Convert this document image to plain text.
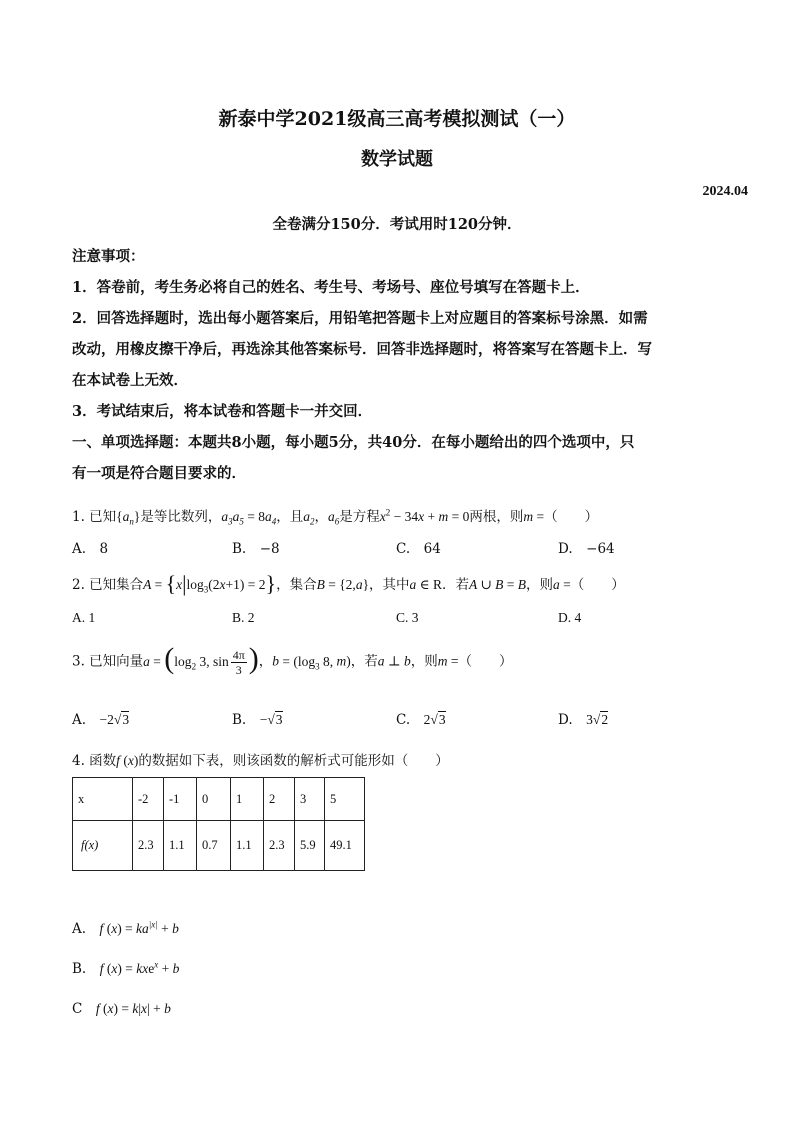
新泰中学2021级高三高考模拟测试（一）
数学试题
2024.04
全卷满分150分．考试用时120分钟．
注意事项：
1．答卷前，考生务必将自己的姓名、考生号、考场号、座位号填写在答题卡上．
2．回答选择题时，选出每小题答案后，用铅笔把答题卡上对应题目的答案标号涂黑．如需
改动，用橡皮擦干净后，再选涂其他答案标号．回答非选择题时，将答案写在答题卡上．写
在本试卷上无效．
3．考试结束后，将本试卷和答题卡一并交回．
一、单项选择题：本题共8小题，每小题5分，共40分．在每小题给出的四个选项中，只
有一项是符合题目要求的．
1. 已知$\{a_n\}$是等比数列，$a_3a_5 = 8a_4$，且$a_2$，$a_6$是方程$x^2 - 34x + m = 0$两根，则m =（　　）
A.　8	B.　−8	C.　64	D.　−64
2. 已知集合$A = \{x|\log_3(2x+1) = 2\}$，集合B = {2,a}，其中a ∈ R．若A ∪ B = B，则a =（　　）
A. 1	B. 2	C. 3	D. 4
3. 已知向量$a = (\log_2$ 3, $\sin \frac{4\pi}{3}$ )，$b = (\log_3$ 8, m)，若a ⊥ b，则m =（　　）
A.　 −2√3	B.　 −√3	C.　 2√3	D.　 3√2
4. 函数f (x)的数据如下表，则该函数的解析式可能形如（　　）
x	-2	-1	0	1	2	3	5
f(x)	2.3	1.1	0.7	1.1	2.3	5.9	49.1
A.　 f $(x) = ka^{|x|} + b$
B.　 f (x) = kxe$^x$ + b
C　 f (x) = k|x| + b
